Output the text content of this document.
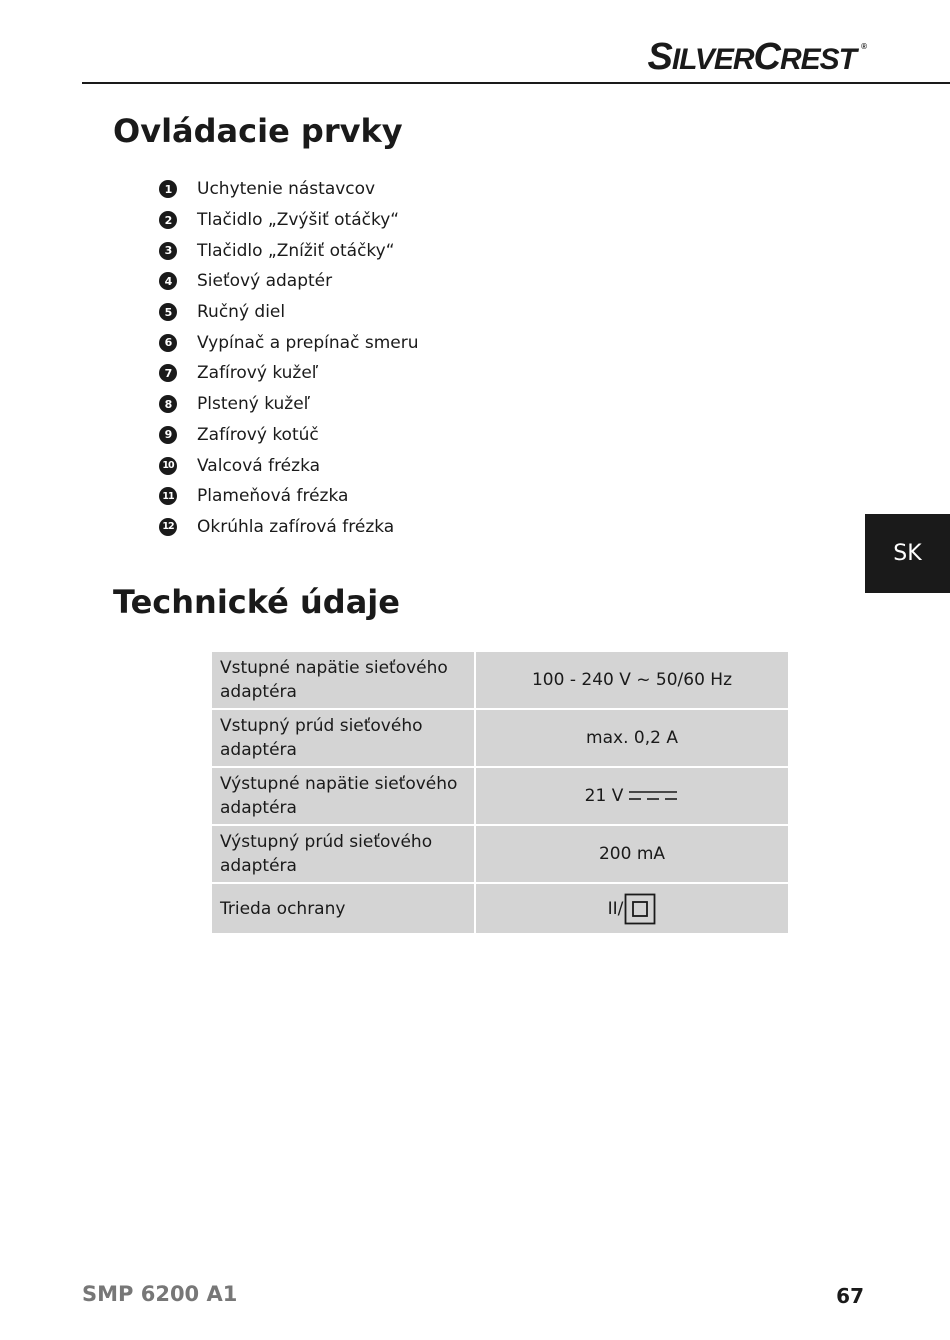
SILVERCREST ®
Ovládacie prvky
1	Uchytenie nástavcov
2	Tlačidlo „Zvýšiť otáčky“
3	Tlačidlo „Znížiť otáčky“
4	Sieťový adaptér
5	Ručný diel
6	Vypínač a prepínač smeru
7	Zafírový kužeľ
8	Plstený kužeľ
9	Zafírový kotúč
10 Valcová frézka
11 Plameňová frézka
12 Okrúhla zafírová frézka
SK
Technické údaje
Vstupné napätie sieťového adaptéra	100 - 240 V ~ 50/60 Hz
Vstupný prúd sieťového adaptéra	max. 0,2 A
Výstupné napätie sieťového adaptéra	21 V
Výstupný prúd sieťového adaptéra	200 mA
Trieda ochrany	II/
SMP 6200 A1	67
